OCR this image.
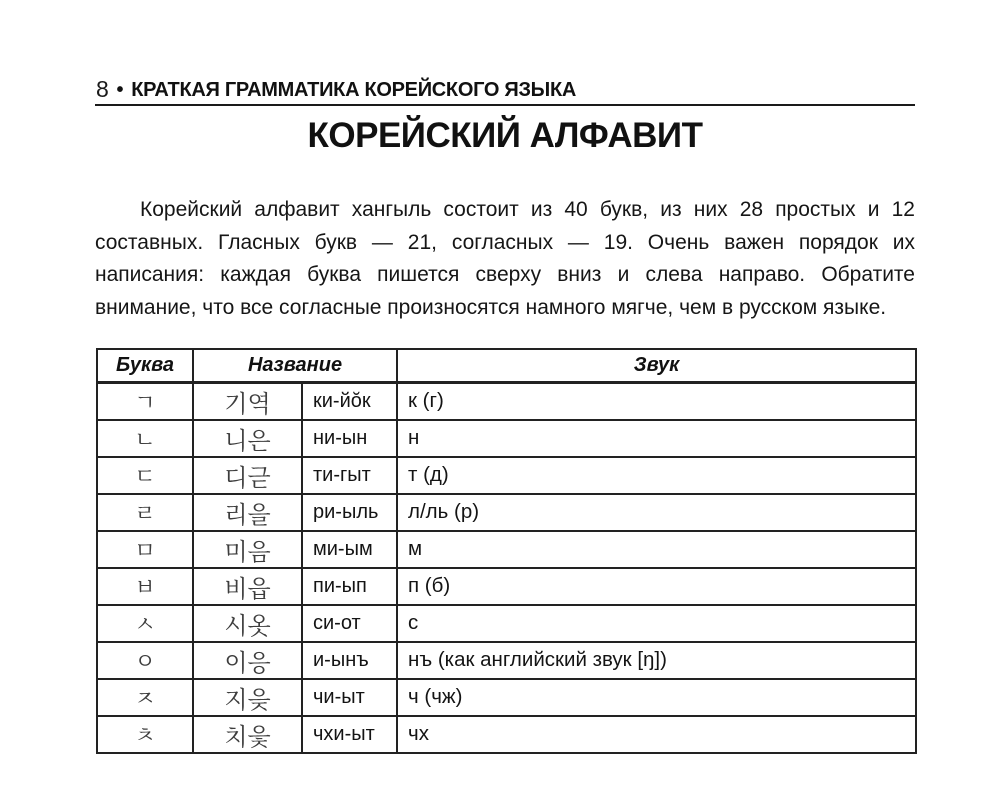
8 • КРАТКАЯ ГРАММАТИКА КОРЕЙСКОГО ЯЗЫКА
КОРЕЙСКИЙ АЛФАВИТ

Корейский алфавит хангыль состоит из 40 букв, из них 28 простых и 12 составных. Гласных букв — 21, согласных — 19. Очень важен порядок их написания: каждая буква пишется сверху вниз и слева направо. Обратите внимание, что все согласные произносятся намного мягче, чем в русском языке.

Буква	Название		Звук
ㄱ	기역	ки-йŏк	к (г)
ㄴ	니은	ни-ын	н
ㄷ	디귿	ти-гыт	т (д)
ㄹ	리을	ри-ыль	л/ль (р)
ㅁ	미음	ми-ым	м
ㅂ	비읍	пи-ып	п (б)
ㅅ	시옷	си-от	с
ㅇ	이응	и-ынъ	нъ (как английский звук [ŋ])
ㅈ	지읒	чи-ыт	ч (чж)
ㅊ	치읓	чхи-ыт	чх
